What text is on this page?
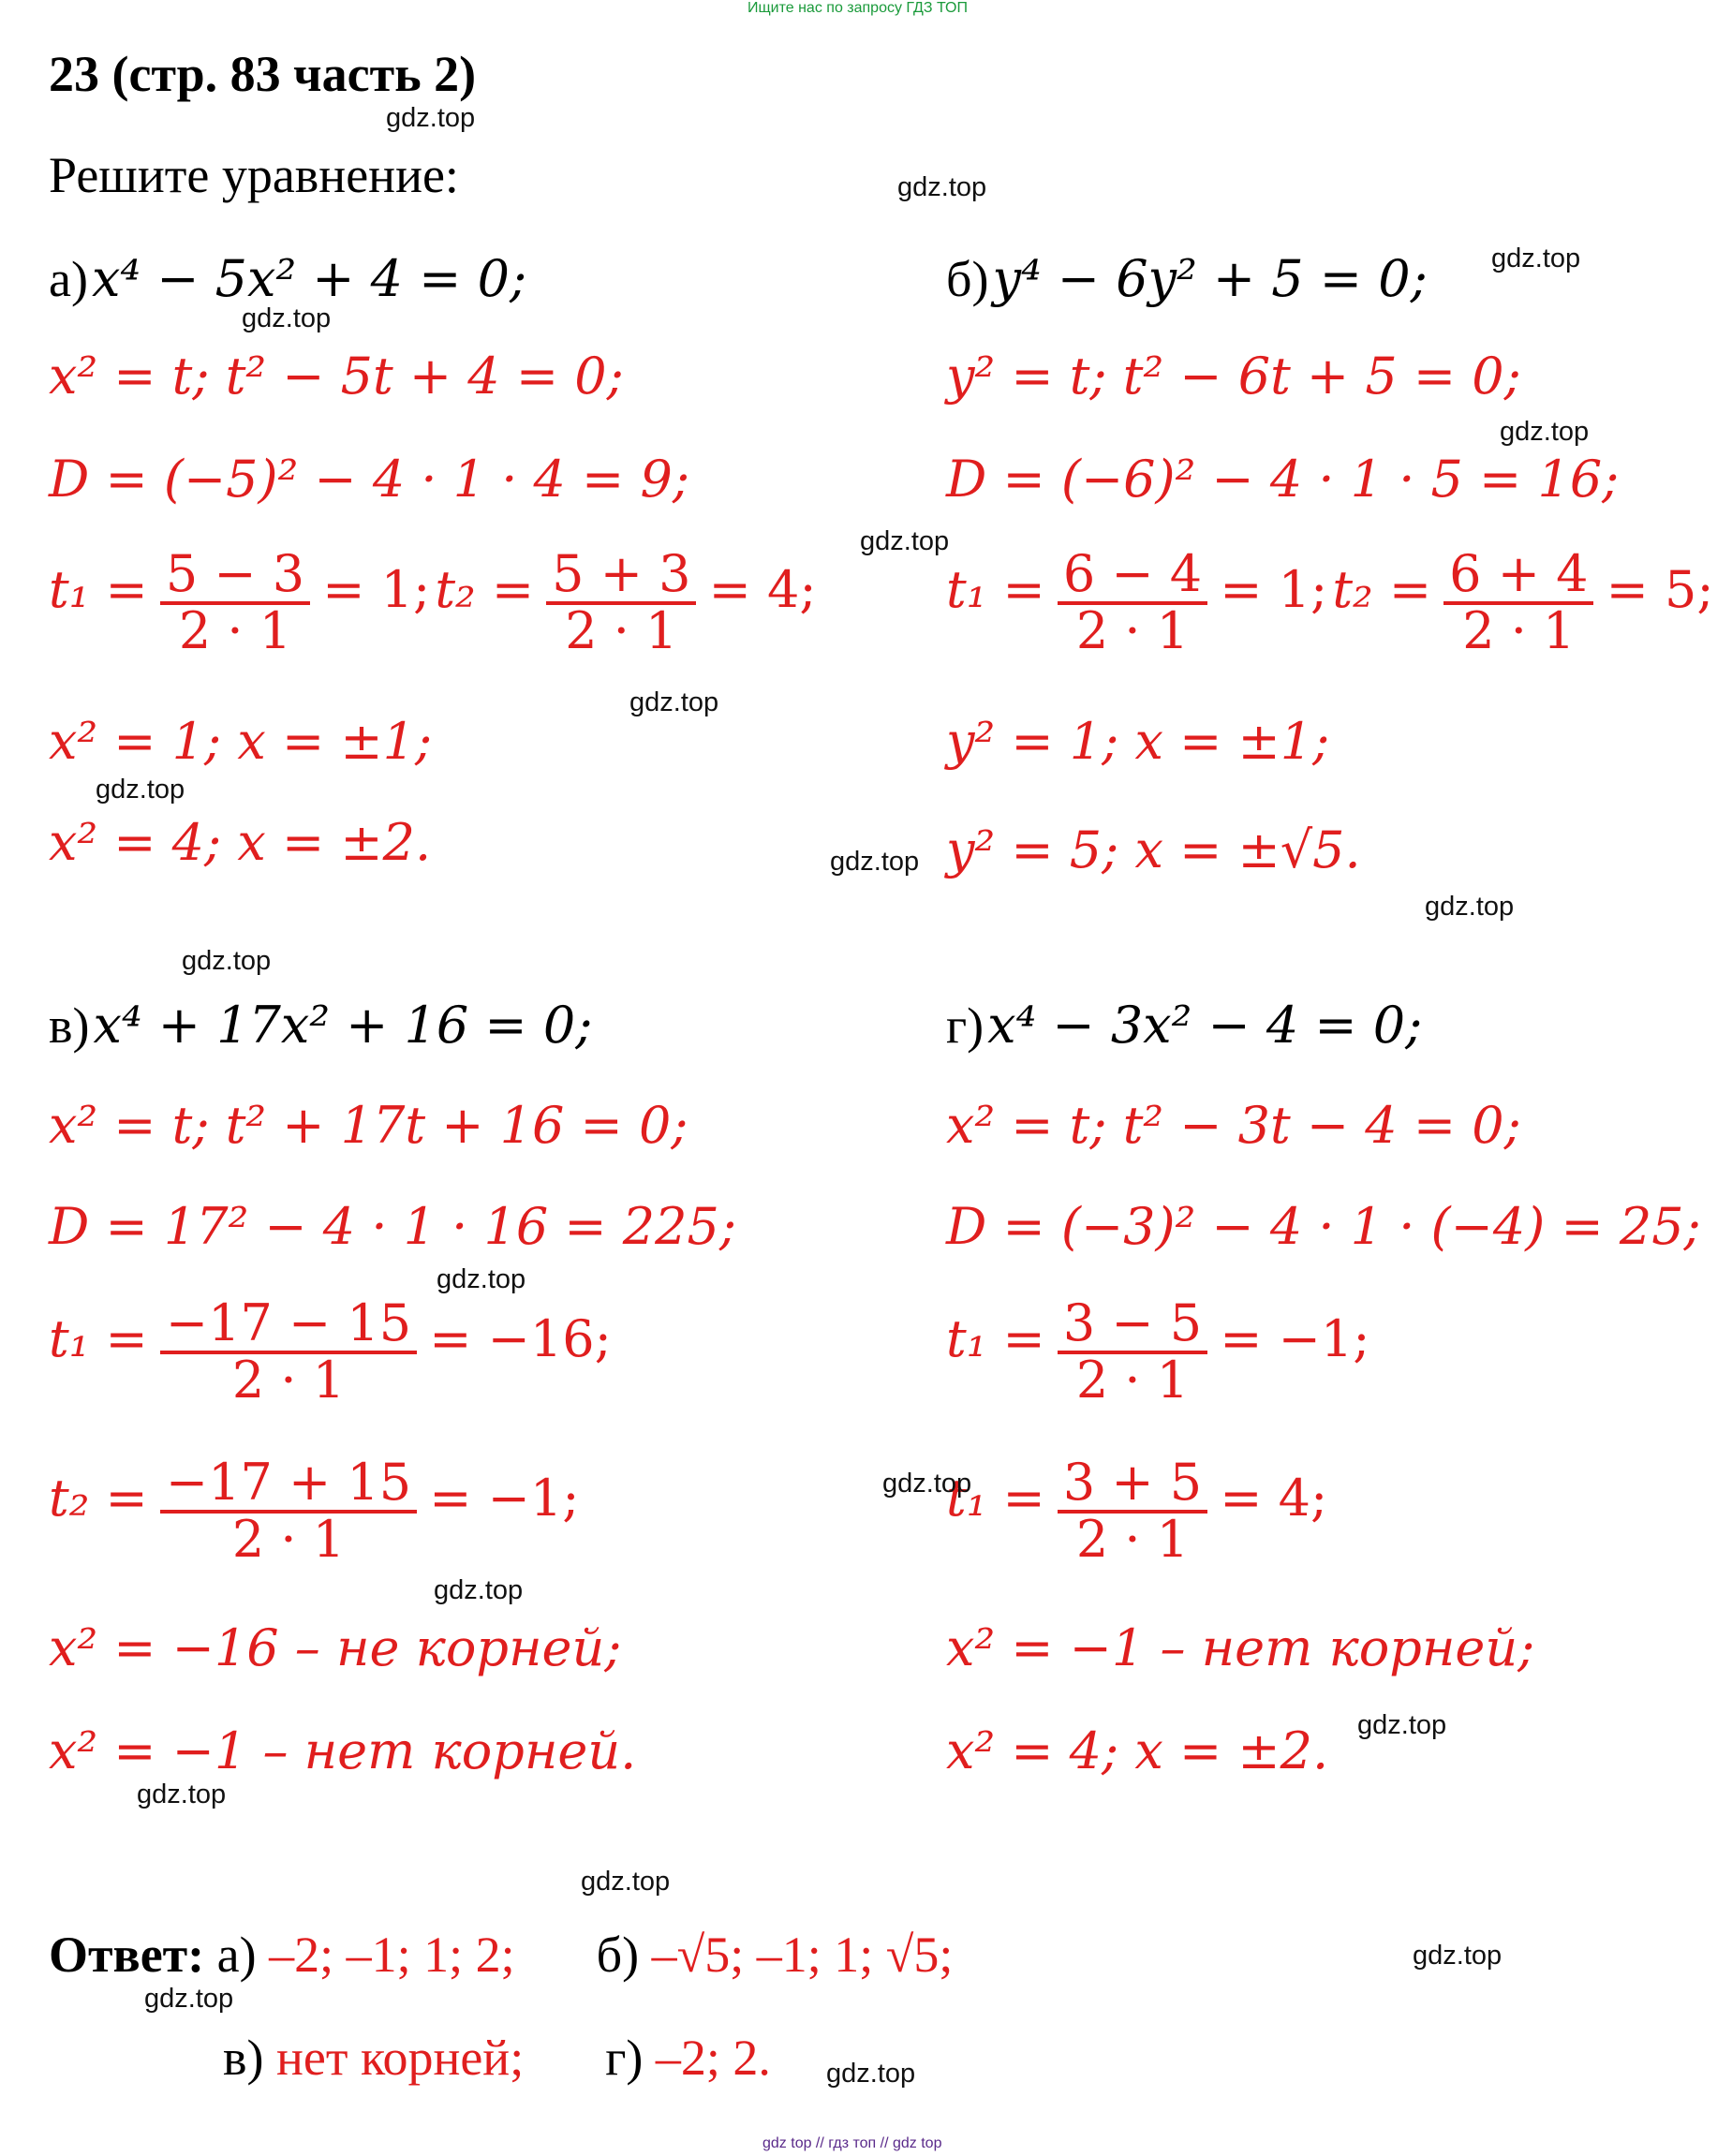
Ищите нас по запросу ГДЗ ТОП
23 (стр. 83 часть 2)
Решите уравнение:
а) x⁴ − 5x² + 4 = 0;
x² = t; t² − 5t + 4 = 0;
D = (−5)² − 4 · 1 · 4 = 9;
$t_1 = \frac{5 - 3}{2 \cdot 1} = 1$; $t_2 = \frac{5 + 3}{2 \cdot 1} = 4$;
x² = 1; x = ±1;
x² = 4; x = ±2.
б) y⁴ − 6y² + 5 = 0;
y² = t; t² − 6t + 5 = 0;
D = (−6)² − 4 · 1 · 5 = 16;
$t_1 = \frac{6 - 4}{2 \cdot 1} = 1$; $t_2 = \frac{6 + 4}{2 \cdot 1} = 5$;
y² = 1; x = ±1;
y² = 5; x = ±√5.
в) x⁴ + 17x² + 16 = 0;
x² = t; t² + 17t + 16 = 0;
D = 17² − 4 · 1 · 16 = 225;
$t_1 = \frac{-17 - 15}{2 \cdot 1} = -16$;
$t_2 = \frac{-17 + 15}{2 \cdot 1} = -1$;
x² = −16 – не корней;
x² = −1 – нет корней.
г) x⁴ − 3x² − 4 = 0;
x² = t; t² − 3t − 4 = 0;
D = (−3)² − 4 · 1 · (−4) = 25;
$t_1 = \frac{3 - 5}{2 \cdot 1} = -1$;
$t_1 = \frac{3 + 5}{2 \cdot 1} = 4$;
x² = −1 – нет корней;
x² = 4; x = ±2.
Ответ: а) –2; –1; 1; 2; б) –√5; –1; 1; √5;
в) нет корней; г) –2; 2.
gdz.top
gdz.top
gdz.top
gdz.top
gdz.top
gdz.top
gdz.top
gdz.top
gdz.top
gdz.top
gdz.top
gdz.top
gdz.top
gdz.top
gdz.top
gdz.top
gdz.top
gdz.top
gdz.top
gdz.top
gdz top // гдз топ // gdz top
